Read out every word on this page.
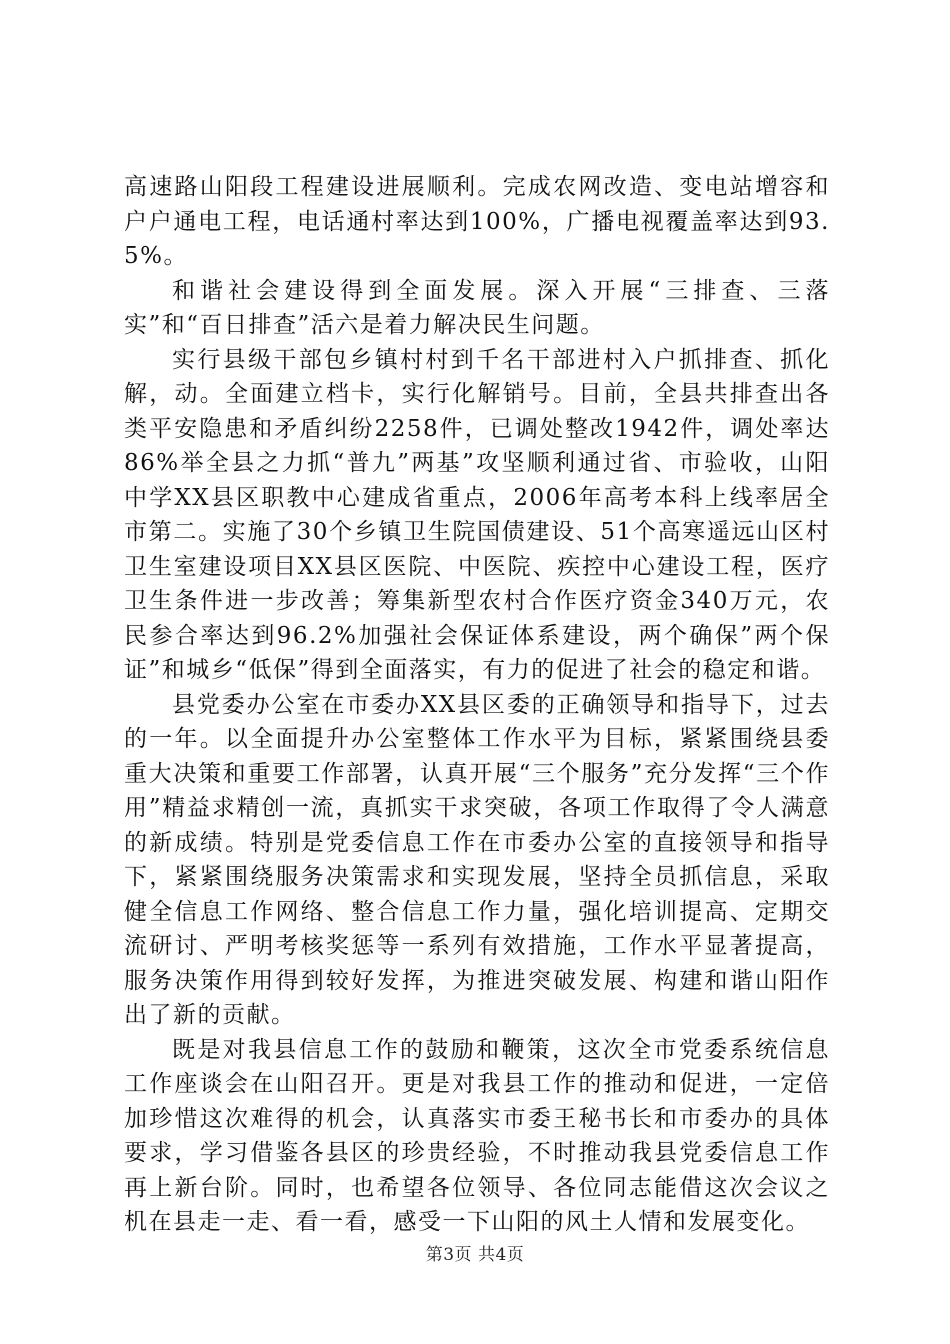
高速路山阳段工程建设进展顺利。完成农网改造、变电站增容和户户通电工程，电话通村率达到100%，广播电视覆盖率达到93.5%。

和谐社会建设得到全面发展。深入开展“三排查、三落实”和“百日排查”活六是着力解决民生问题。

实行县级干部包乡镇村村到千名干部进村入户抓排查、抓化解，动。全面建立档卡，实行化解销号。目前，全县共排查出各类平安隐患和矛盾纠纷2258件，已调处整改1942件，调处率达86%举全县之力抓“普九”两基”攻坚顺利通过省、市验收，山阳中学XX县区职教中心建成省重点，2006年高考本科上线率居全市第二。实施了30个乡镇卫生院国债建设、51个高寒遥远山区村卫生室建设项目XX县区医院、中医院、疾控中心建设工程，医疗卫生条件进一步改善；筹集新型农村合作医疗资金340万元，农民参合率达到96.2%加强社会保证体系建设，两个确保”两个保证”和城乡“低保”得到全面落实，有力的促进了社会的稳定和谐。

县党委办公室在市委办XX县区委的正确领导和指导下，过去的一年。以全面提升办公室整体工作水平为目标，紧紧围绕县委重大决策和重要工作部署，认真开展“三个服务”充分发挥“三个作用”精益求精创一流，真抓实干求突破，各项工作取得了令人满意的新成绩。特别是党委信息工作在市委办公室的直接领导和指导下，紧紧围绕服务决策需求和实现发展，坚持全员抓信息，采取健全信息工作网络、整合信息工作力量，强化培训提高、定期交流研讨、严明考核奖惩等一系列有效措施，工作水平显著提高，服务决策作用得到较好发挥，为推进突破发展、构建和谐山阳作出了新的贡献。

既是对我县信息工作的鼓励和鞭策，这次全市党委系统信息工作座谈会在山阳召开。更是对我县工作的推动和促进，一定倍加珍惜这次难得的机会，认真落实市委王秘书长和市委办的具体要求，学习借鉴各县区的珍贵经验，不时推动我县党委信息工作再上新台阶。同时，也希望各位领导、各位同志能借这次会议之机在县走一走、看一看，感受一下山阳的风土人情和发展变化。

第3页 共4页
